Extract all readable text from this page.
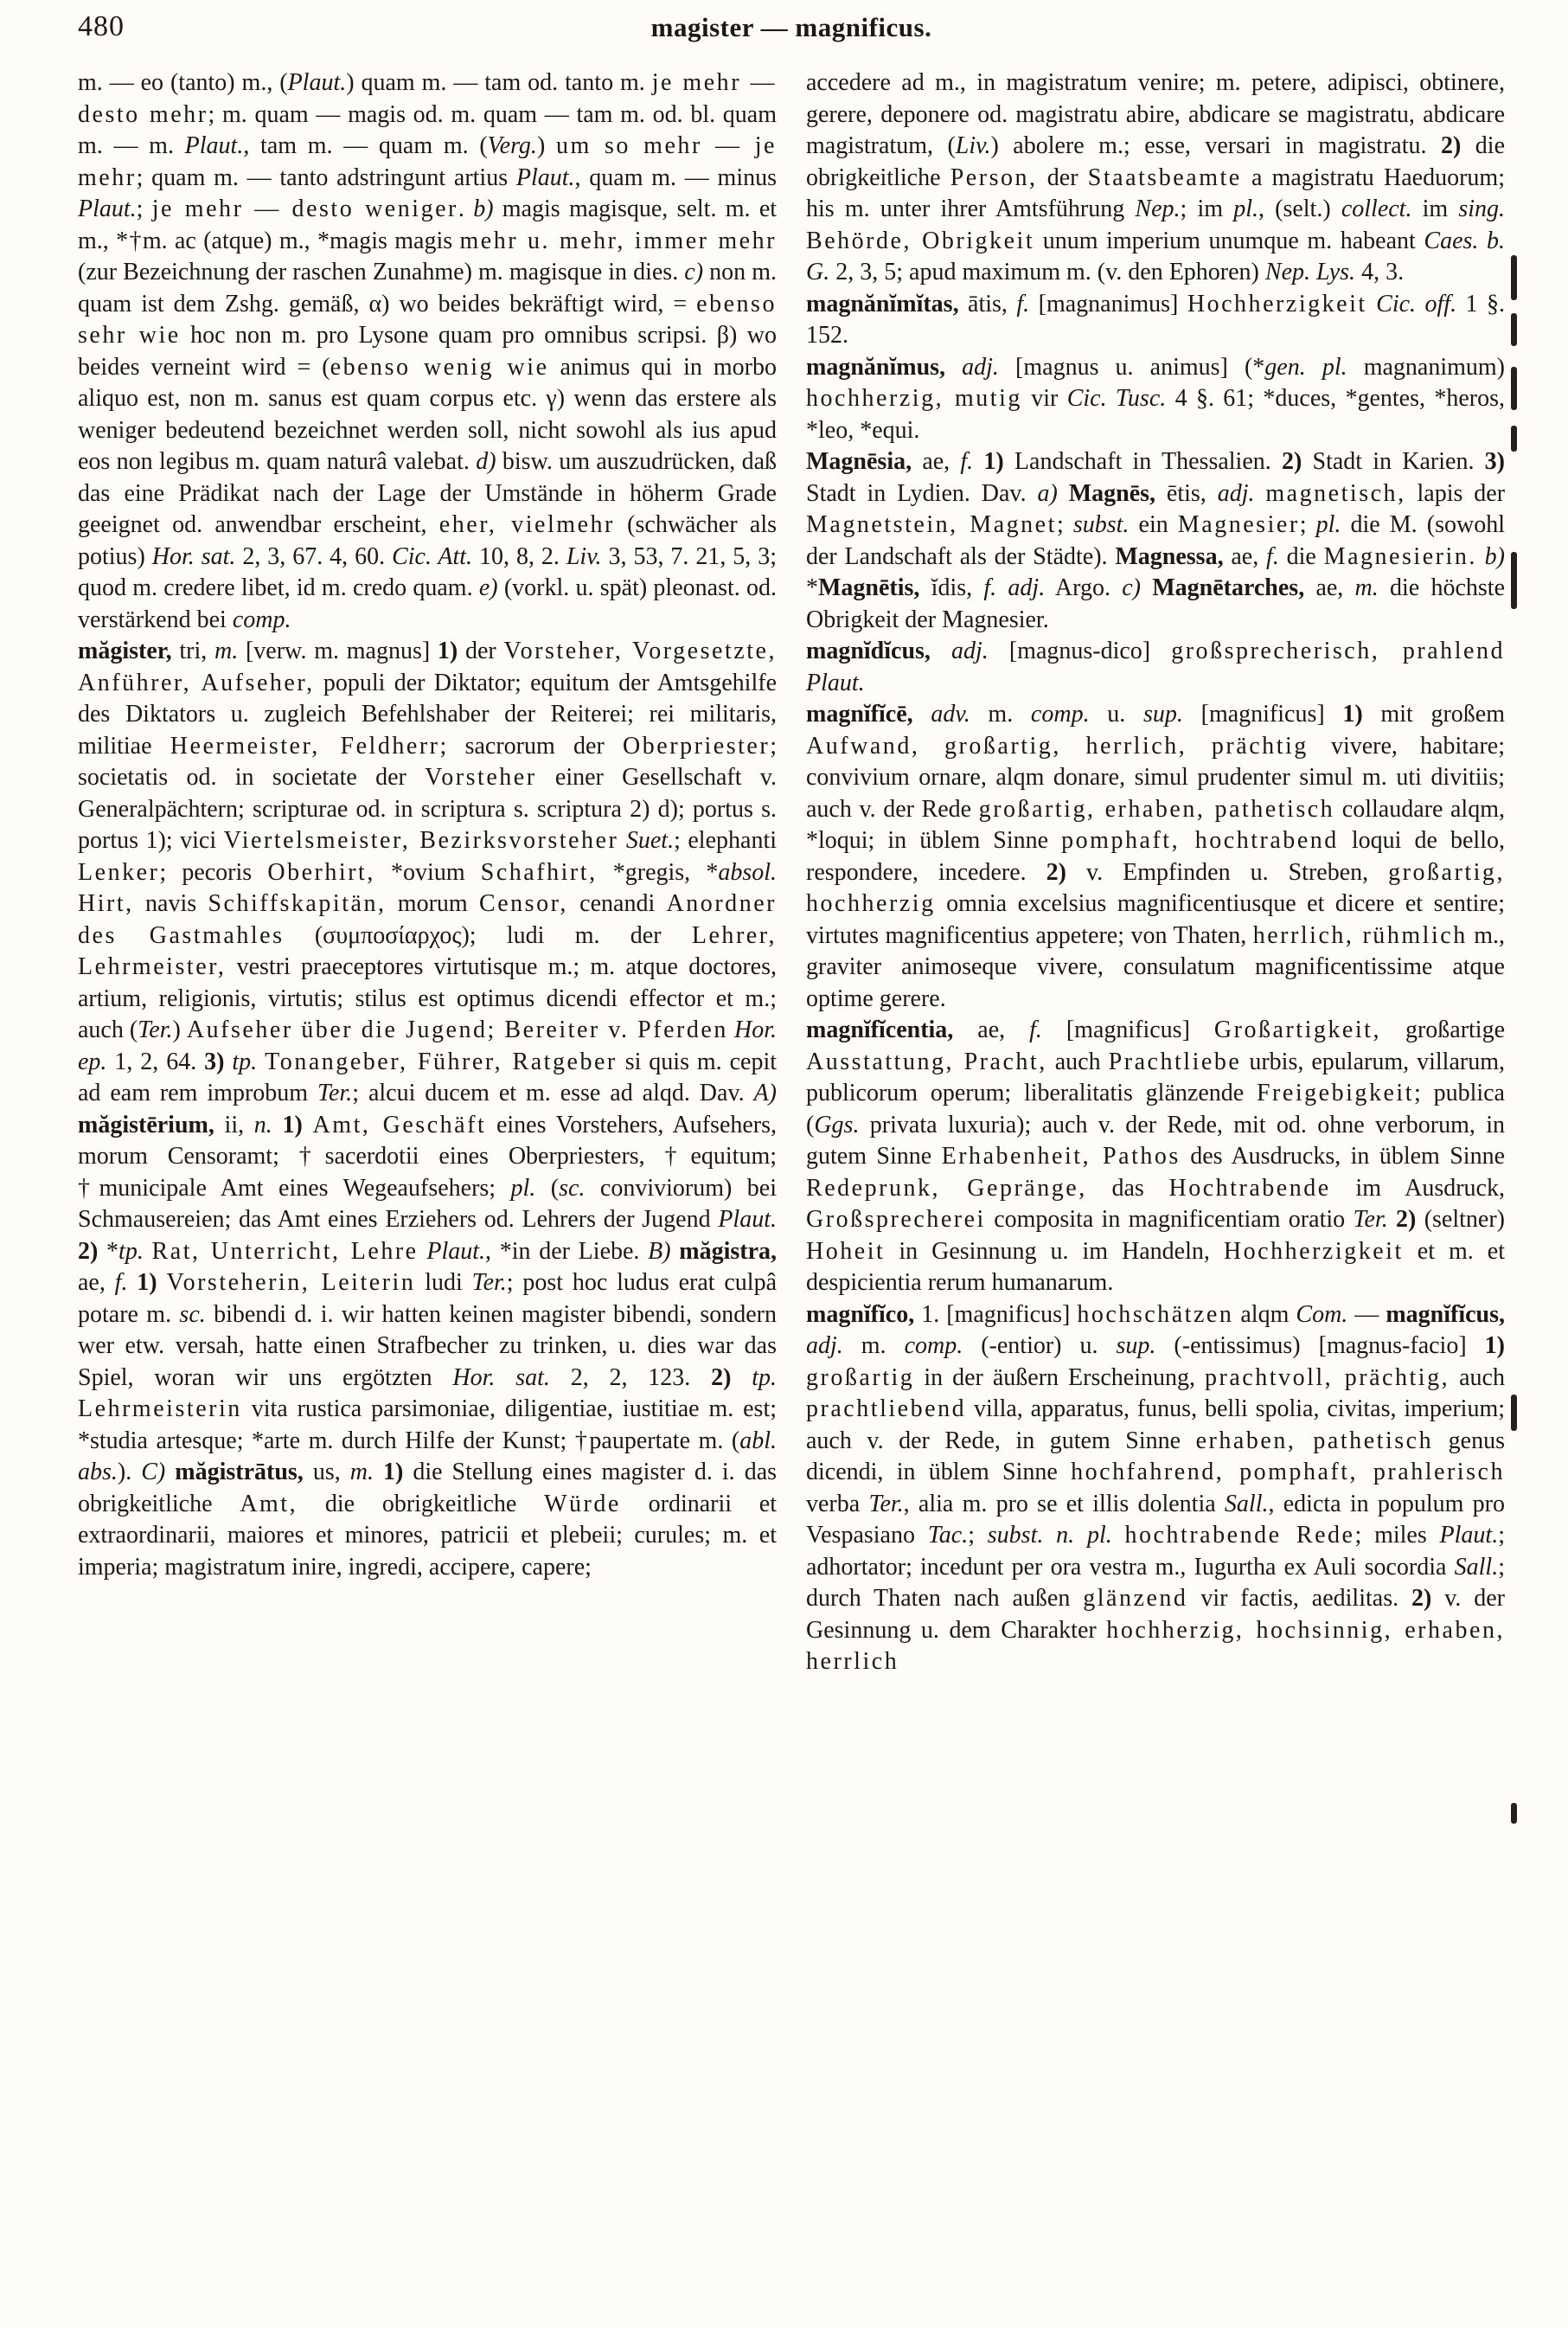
480	magister — magnificus.

m. — eo (tanto) m., (Plaut.) quam m. — tam od. tanto m. je mehr — desto mehr; m. quam — magis od. m. quam — tam m. od. bl. quam m. — m. Plaut., tam m. — quam m. (Verg.) um so mehr — je mehr; quam m. — tanto adstringunt artius Plaut., quam m. — minus Plaut.; je mehr — desto weniger. b) magis magisque, selt. m. et m., *†m. ac (atque) m., *magis magis mehr u. mehr, immer mehr (zur Bezeichnung der raschen Zunahme) m. magisque in dies. c) non m. quam ist dem Zshg. gemäß, α) wo beides bekräftigt wird, = ebenso sehr wie hoc non m. pro Lysone quam pro omnibus scripsi. β) wo beides verneint wird = (ebenso wenig wie animus qui in morbo aliquo est, non m. sanus est quam corpus etc. γ) wenn das erstere als weniger bedeutend bezeichnet werden soll, nicht sowohl als ius apud eos non legibus m. quam naturâ valebat. d) bisw. um auszudrücken, daß das eine Prädikat nach der Lage der Umstände in höherm Grade geeignet od. anwendbar erscheint, eher, vielmehr (schwächer als potius) Hor. sat. 2, 3, 67. 4, 60. Cic. Att. 10, 8, 2. Liv. 3, 53, 7. 21, 5, 3; quod m. credere libet, id m. credo quam. e) (vorkl. u. spät) pleonast. od. verstärkend bei comp.

măgister, tri, m. [verw. m. magnus] 1) der Vorsteher, Vorgesetzte, Anführer, Aufseher, populi der Diktator; equitum der Amtsgehilfe des Diktators u. zugleich Befehlshaber der Reiterei; rei militaris, militiae Heermeister, Feldherr; sacrorum der Oberpriester; societatis od. in societate der Vorsteher einer Gesellschaft v. Generalpächtern; scripturae od. in scriptura s. scriptura 2) d); portus s. portus 1); vici Viertelsmeister, Bezirksvorsteher Suet.; elephanti Lenker; pecoris Oberhirt, *ovium Schafhirt, *gregis, *absol. Hirt, navis Schiffskapitän, morum Censor, cenandi Anordner des Gastmahles (συμποσίαρχος); ludi m. der Lehrer, Lehrmeister, vestri praeceptores virtutisque m.; m. atque doctores, artium, religionis, virtutis; stilus est optimus dicendi effector et m.; auch (Ter.) Aufseher über die Jugend; Bereiter v. Pferden Hor. ep. 1, 2, 64. 3) tp. Tonangeber, Führer, Ratgeber si quis m. cepit ad eam rem improbum Ter.; alcui ducem et m. esse ad alqd. Dav. A) măgistērium, ii, n. 1) Amt, Geschäft eines Vorstehers, Aufsehers, morum Censoramt; †sacerdotii eines Oberpriesters, †equitum; †municipale Amt eines Wegeaufsehers; pl. (sc. conviviorum) bei Schmausereien; das Amt eines Erziehers od. Lehrers der Jugend Plaut. 2) *tp. Rat, Unterricht, Lehre Plaut., *in der Liebe. B) măgistra, ae, f. 1) Vorsteherin, Leiterin ludi Ter.; post hoc ludus erat culpâ potare m. sc. bibendi d. i. wir hatten keinen magister bibendi, sondern wer etw. versah, hatte einen Strafbecher zu trinken, u. dies war das Spiel, woran wir uns ergötzten Hor. sat. 2, 2, 123. 2) tp. Lehrmeisterin vita rustica parsimoniae, diligentiae, iustitiae m. est; *studia artesque; *arte m. durch Hilfe der Kunst; †paupertate m. (abl. abs.). C) măgistrātus, us, m. 1) die Stellung eines magister d. i. das obrigkeitliche Amt, die obrigkeitliche Würde ordinarii et extraordinarii, maiores et minores, patricii et plebeii; curules; m. et imperia; magistratum inire, ingredi, accipere, capere;

accedere ad m., in magistratum venire; m. petere, adipisci, obtinere, gerere, deponere od. magistratu abire, abdicare se magistratu, abdicare magistratum, (Liv.) abolere m.; esse, versari in magistratu. 2) die obrigkeitliche Person, der Staatsbeamte a magistratu Haeduorum; his m. unter ihrer Amtsführung Nep.; im pl., (selt.) collect. im sing. Behörde, Obrigkeit unum imperium unumque m. habeant Caes. b. G. 2, 3, 5; apud maximum m. (v. den Ephoren) Nep. Lys. 4, 3.

magnănĭmĭtas, ātis, f. [magnanimus] Hochherzigkeit Cic. off. 1 §. 152.

magnănĭmus, adj. [magnus u. animus] (*gen. pl. magnanimum) hochherzig, mutig vir Cic. Tusc. 4 §. 61; *duces, *gentes, *heros, *leo, *equi.

Magnēsia, ae, f. 1) Landschaft in Thessalien. 2) Stadt in Karien. 3) Stadt in Lydien. Dav. a) Magnēs, ētis, adj. magnetisch, lapis der Magnetstein, Magnet; subst. ein Magnesier; pl. die M. (sowohl der Landschaft als der Städte). Magnessa, ae, f. die Magnesierin. b) *Magnētis, ĭdis, f. adj. Argo. c) Magnētarches, ae, m. die höchste Obrigkeit der Magnesier.

magnĭdĭcus, adj. [magnus-dico] großsprecherisch, prahlend Plaut.

magnĭfĭcē, adv. m. comp. u. sup. [magnificus] 1) mit großem Aufwand, großartig, herrlich, prächtig vivere, habitare; convivium ornare, alqm donare, simul prudenter simul m. uti divitiis; auch v. der Rede großartig, erhaben, pathetisch collaudare alqm, *loqui; in üblem Sinne pomphaft, hochtrabend loqui de bello, respondere, incedere. 2) v. Empfinden u. Streben, großartig, hochherzig omnia excelsius magnificentiusque et dicere et sentire; virtutes magnificentius appetere; von Thaten, herrlich, rühmlich m., graviter animoseque vivere, consulatum magnificentissime atque optime gerere.

magnĭfĭcentia, ae, f. [magnificus] Großartigkeit, großartige Ausstattung, Pracht, auch Prachtliebe urbis, epularum, villarum, publicorum operum; liberalitatis glänzende Freigebigkeit; publica (Ggs. privata luxuria); auch v. der Rede, mit od. ohne verborum, in gutem Sinne Erhabenheit, Pathos des Ausdrucks, in üblem Sinne Redeprunk, Gepränge, das Hochtrabende im Ausdruck, Großsprecherei composita in magnificentiam oratio Ter. 2) (seltner) Hoheit in Gesinnung u. im Handeln, Hochherzigkeit et m. et despicientia rerum humanarum.

magnĭfĭco, 1. [magnificus] hochschätzen alqm Com. — magnĭfĭcus, adj. m. comp. (-entior) u. sup. (-entissimus) [magnus-facio] 1) großartig in der äußern Erscheinung, prachtvoll, prächtig, auch prachtliebend villa, apparatus, funus, belli spolia, civitas, imperium; auch v. der Rede, in gutem Sinne erhaben, pathetisch genus dicendi, in üblem Sinne hochfahrend, pomphaft, prahlerisch verba Ter., alia m. pro se et illis dolentia Sall., edicta in populum pro Vespasiano Tac.; subst. n. pl. hochtrabende Rede; miles Plaut.; adhortator; incedunt per ora vestra m., Iugurtha ex Auli socordia Sall.; durch Thaten nach außen glänzend vir factis, aedilitas. 2) v. der Gesinnung u. dem Charakter hochherzig, hochsinnig, erhaben, herrlich
